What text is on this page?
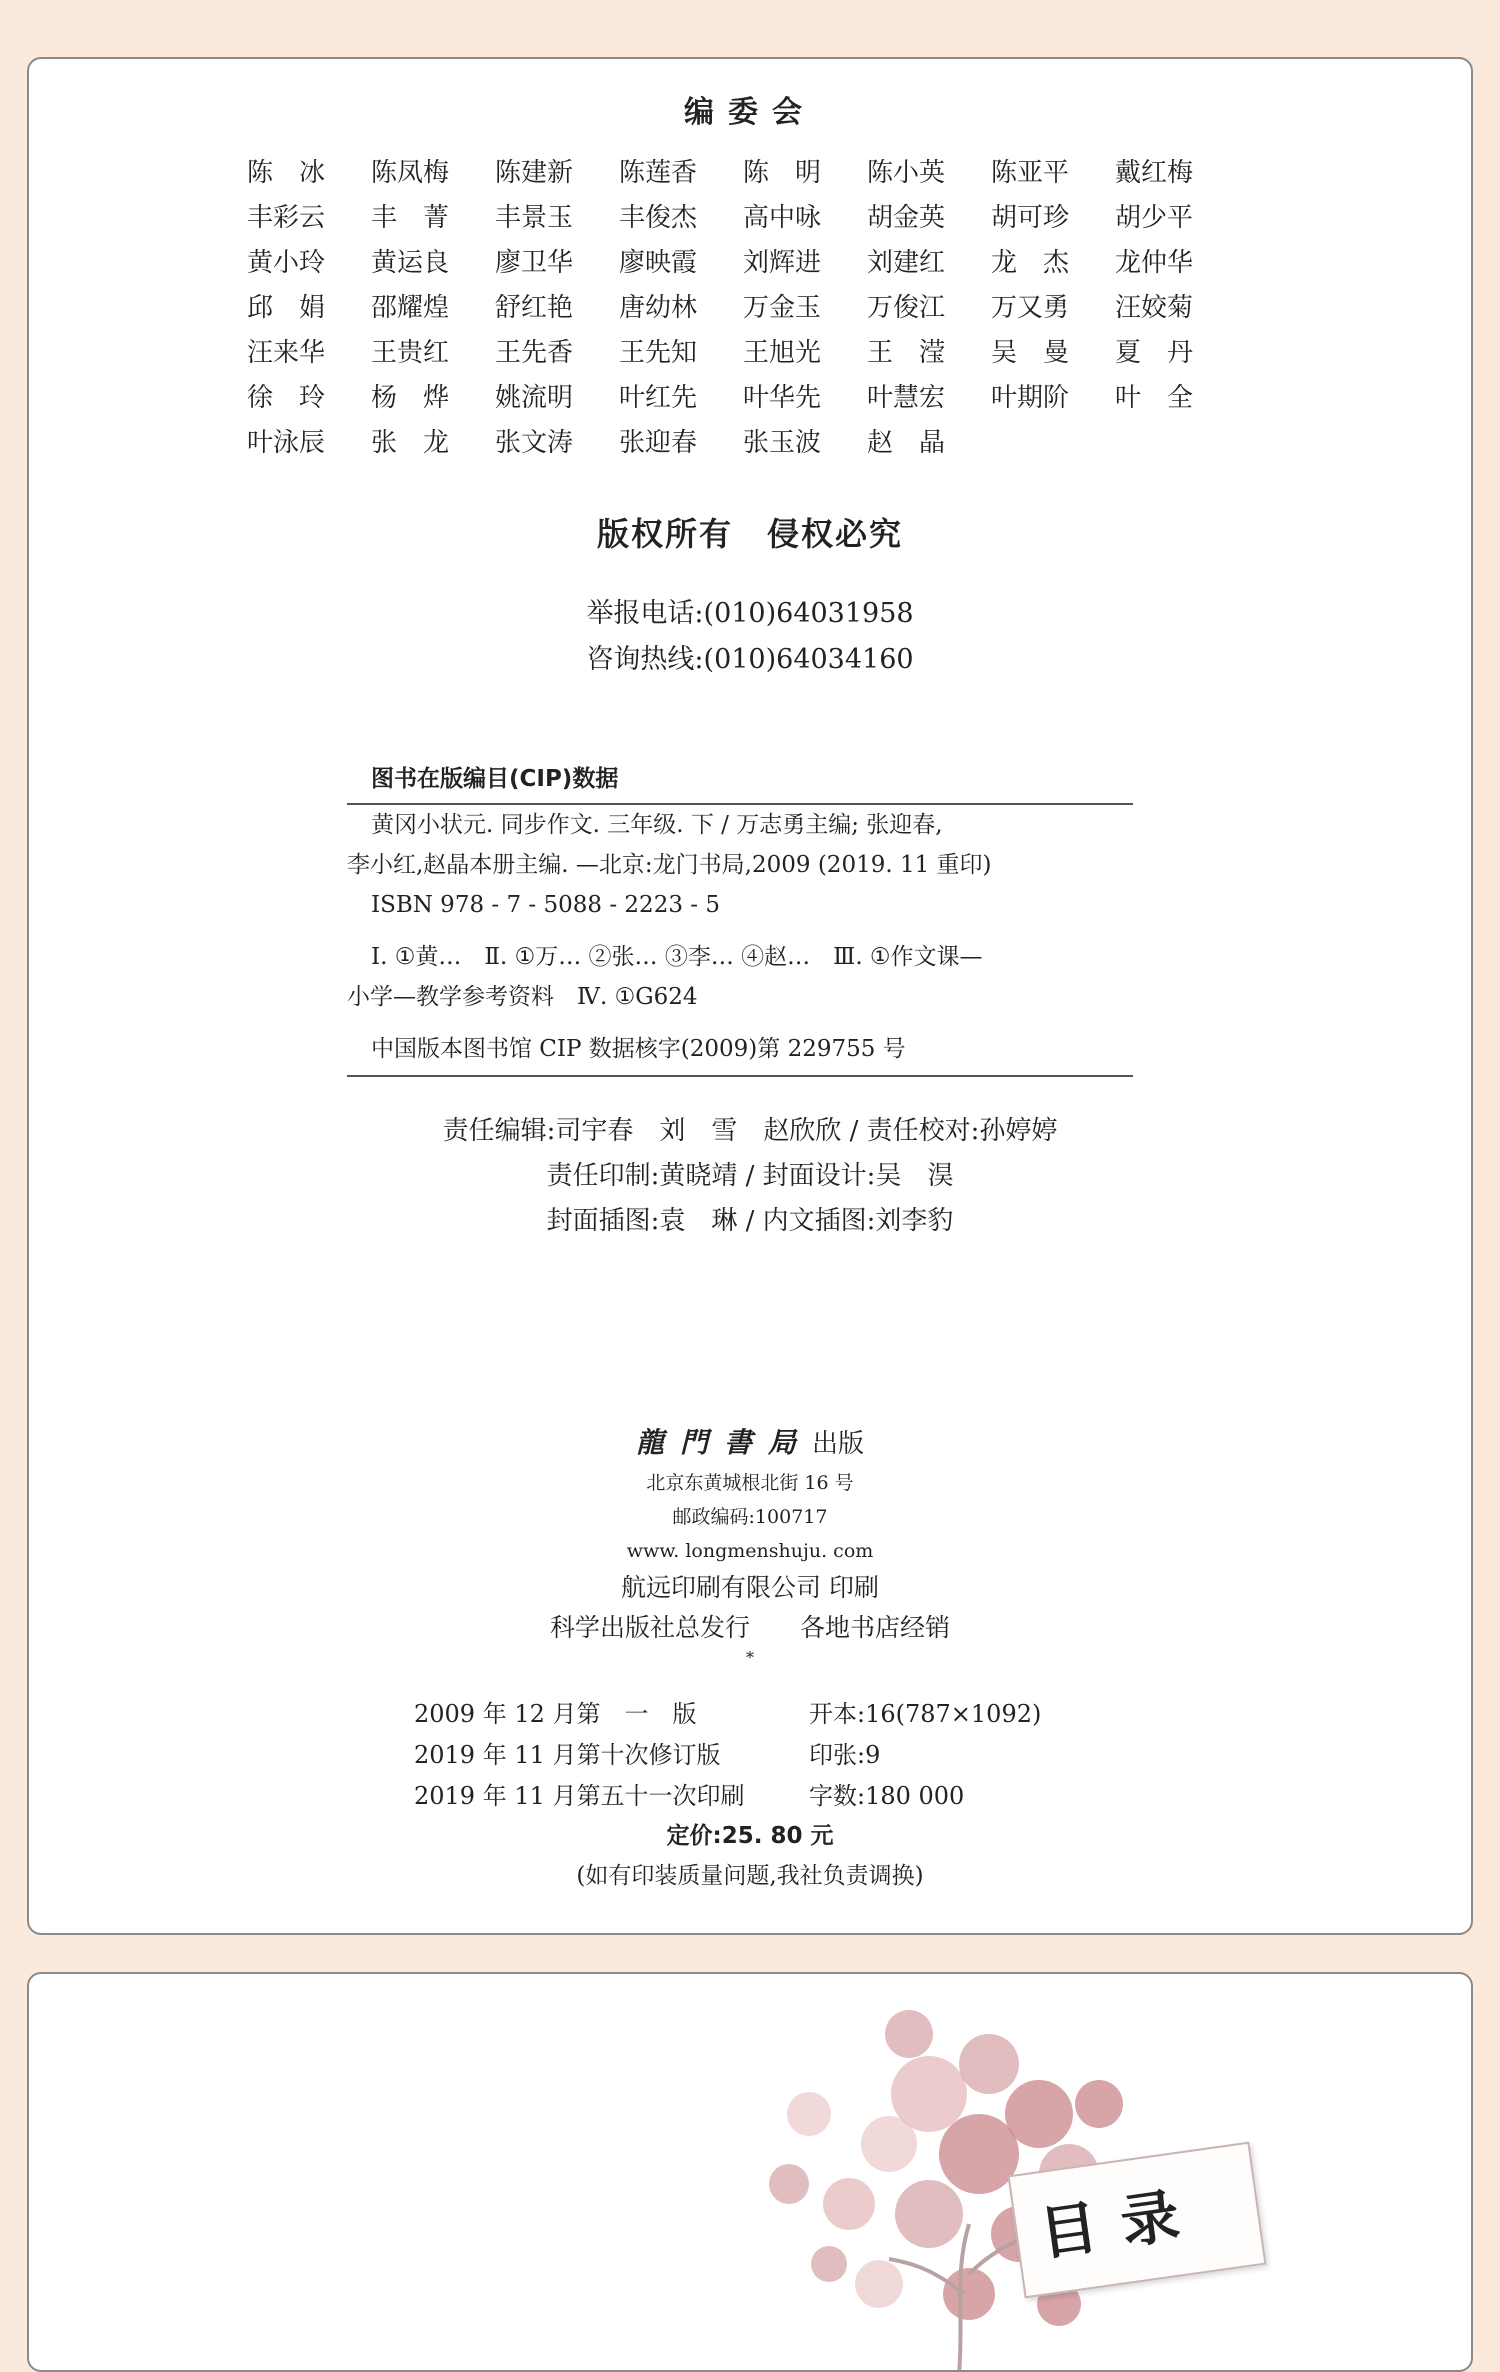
编委会
陈　冰	陈凤梅	陈建新	陈莲香	陈　明	陈小英	陈亚平	戴红梅
丰彩云	丰　菁	丰景玉	丰俊杰	高中咏	胡金英	胡可珍	胡少平
黄小玲	黄运良	廖卫华	廖映霞	刘辉进	刘建红	龙　杰	龙仲华
邱　娟	邵耀煌	舒红艳	唐幼林	万金玉	万俊江	万又勇	汪姣菊
汪来华	王贵红	王先香	王先知	王旭光	王　滢	吴　曼	夏　丹
徐　玲	杨　烨	姚流明	叶红先	叶华先	叶慧宏	叶期阶	叶　全
叶泳辰	张　龙	张文涛	张迎春	张玉波	赵　晶
版权所有　侵权必究
举报电话:(010)64031958
咨询热线:(010)64034160
图书在版编目(CIP)数据
黄冈小状元. 同步作文. 三年级. 下 / 万志勇主编; 张迎春,
李小红,赵晶本册主编. —北京:龙门书局,2009 (2019. 11 重印)
ISBN 978 - 7 - 5088 - 2223 - 5
Ⅰ. ①黄…　Ⅱ. ①万… ②张… ③李… ④赵…　Ⅲ. ①作文课—
小学—教学参考资料　Ⅳ. ①G624
中国版本图书馆 CIP 数据核字(2009)第 229755 号
责任编辑:司宇春　刘　雪　赵欣欣 / 责任校对:孙婷婷
责任印制:黄晓靖 / 封面设计:吴　淏
封面插图:袁　琳 / 内文插图:刘李豹
龍門書局出版
北京东黄城根北街 16 号
邮政编码:100717
www. longmenshuju. com
航远印刷有限公司 印刷
科学出版社总发行　　各地书店经销
*
2009 年 12 月第　一　版	开本:16(787×1092)
2019 年 11 月第十次修订版	印张:9
2019 年 11 月第五十一次印刷	字数:180 000
定价:25. 80 元
(如有印装质量问题,我社负责调换)
目录
